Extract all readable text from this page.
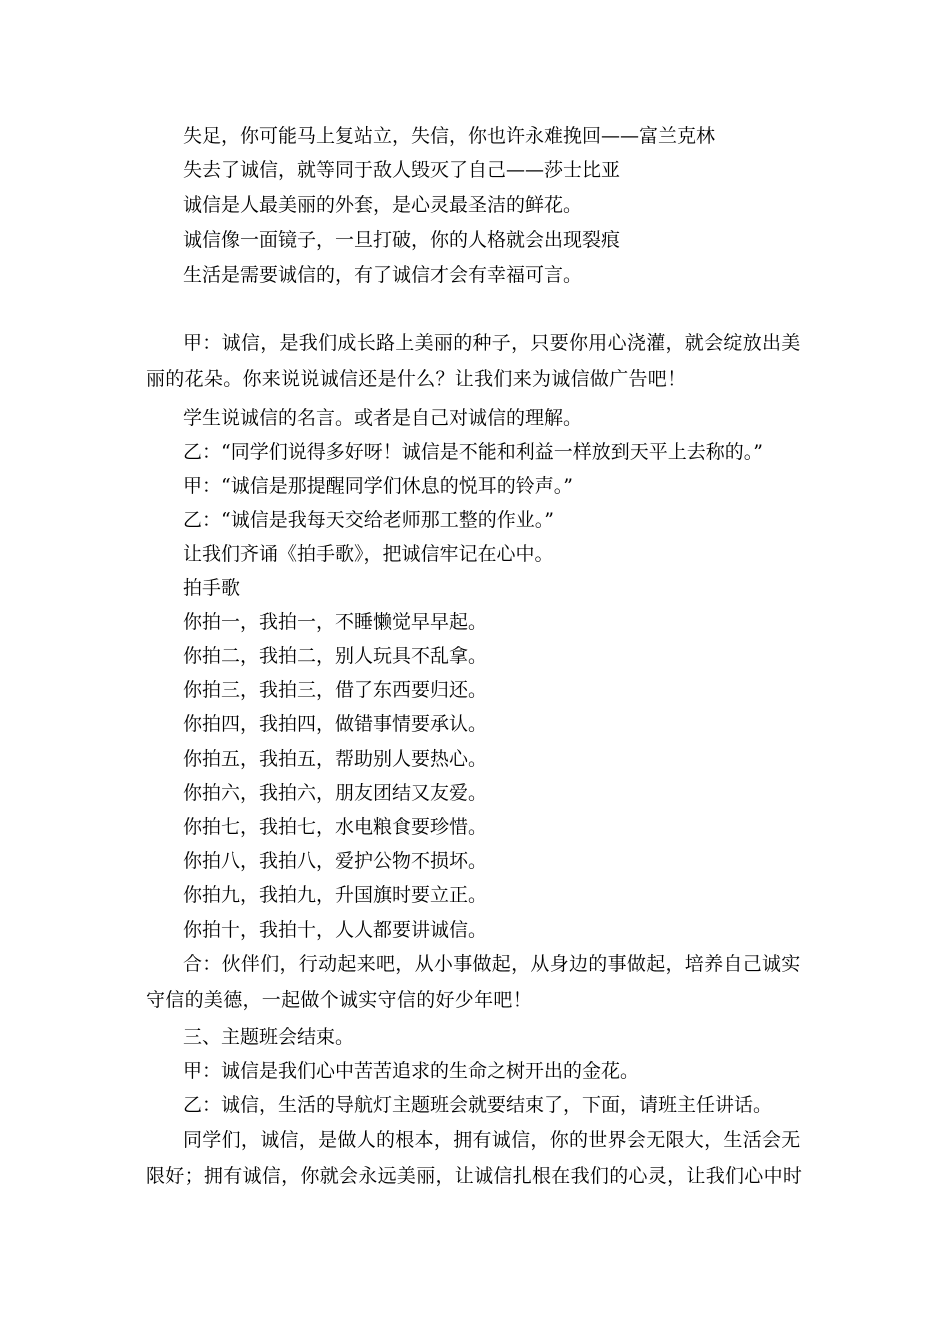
失足，你可能马上复站立，失信，你也许永难挽回——富兰克林
失去了诚信，就等同于敌人毁灭了自己——莎士比亚
诚信是人最美丽的外套，是心灵最圣洁的鲜花。
诚信像一面镜子，一旦打破，你的人格就会出现裂痕
生活是需要诚信的，有了诚信才会有幸福可言。
甲：诚信，是我们成长路上美丽的种子，只要你用心浇灌，就会绽放出美丽的花朵。你来说说诚信还是什么？让我们来为诚信做广告吧！
学生说诚信的名言。或者是自己对诚信的理解。
乙：“同学们说得多好呀！诚信是不能和利益一样放到天平上去称的。”
甲：“诚信是那提醒同学们休息的悦耳的铃声。”
乙：“诚信是我每天交给老师那工整的作业。”
让我们齐诵《拍手歌》，把诚信牢记在心中。
拍手歌
你拍一，我拍一，不睡懒觉早早起。
你拍二，我拍二，别人玩具不乱拿。
你拍三，我拍三，借了东西要归还。
你拍四，我拍四，做错事情要承认。
你拍五，我拍五，帮助别人要热心。
你拍六，我拍六，朋友团结又友爱。
你拍七，我拍七，水电粮食要珍惜。
你拍八，我拍八，爱护公物不损坏。
你拍九，我拍九，升国旗时要立正。
你拍十，我拍十，人人都要讲诚信。
合：伙伴们，行动起来吧，从小事做起，从身边的事做起，培养自己诚实守信的美德，一起做个诚实守信的好少年吧！
三、主题班会结束。
甲：诚信是我们心中苦苦追求的生命之树开出的金花。
乙：诚信，生活的导航灯主题班会就要结束了，下面，请班主任讲话。
同学们，诚信，是做人的根本，拥有诚信，你的世界会无限大，生活会无限好；拥有诚信，你就会永远美丽，让诚信扎根在我们的心灵，让我们心中时
